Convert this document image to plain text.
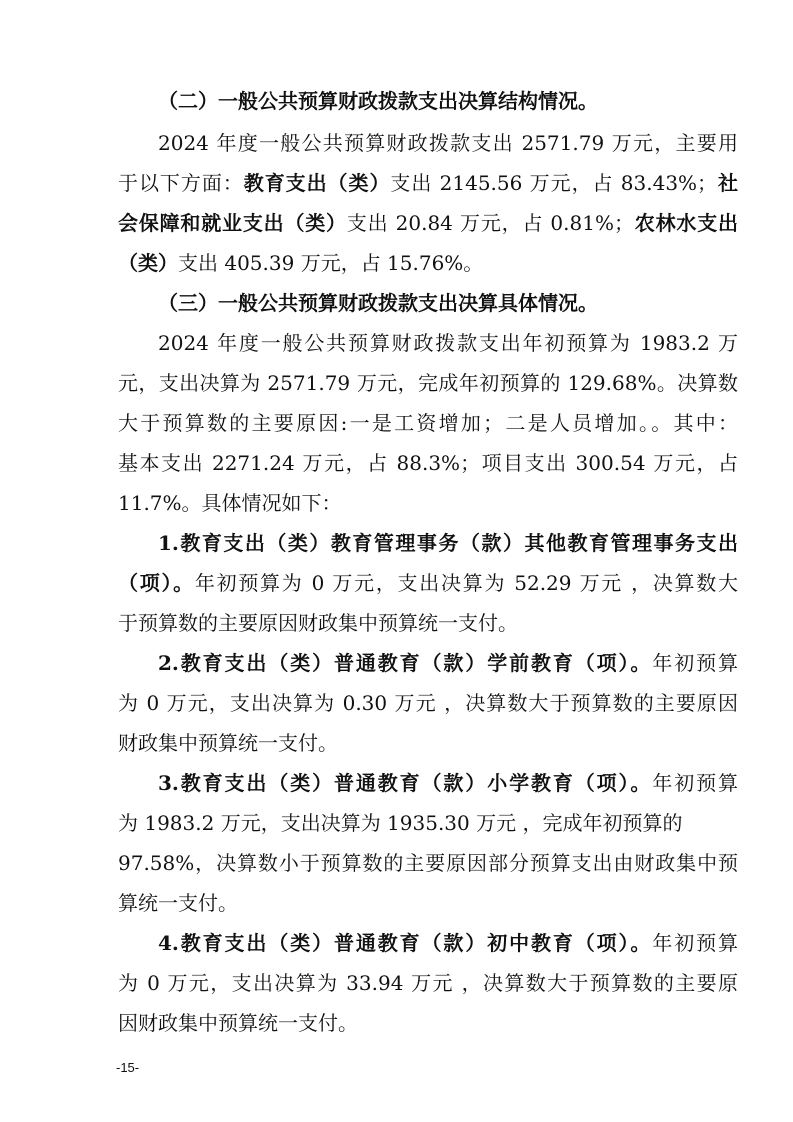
（二）一般公共预算财政拨款支出决算结构情况。
2024 年度一般公共预算财政拨款支出 2571.79 万元，主要用
于以下方面：教育支出（类）支出 2145.56 万元，占 83.43%；社
会保障和就业支出（类）支出 20.84 万元，占 0.81%；农林水支出
（类）支出 405.39 万元，占 15.76%。
（三）一般公共预算财政拨款支出决算具体情况。
2024 年度一般公共预算财政拨款支出年初预算为 1983.2 万
元，支出决算为 2571.79 万元，完成年初预算的 129.68%。决算数
大于预算数的主要原因:一是工资增加；二是人员增加。。其中：
基本支出 2271.24 万元，占 88.3%；项目支出 300.54 万元，占
11.7%。具体情况如下：
1.教育支出（类）教育管理事务（款）其他教育管理事务支出
（项）。年初预算为 0 万元，支出决算为 52.29 万元 ，决算数大
于预算数的主要原因财政集中预算统一支付。
2.教育支出（类）普通教育（款）学前教育（项）。年初预算
为 0 万元，支出决算为 0.30 万元 ，决算数大于预算数的主要原因
财政集中预算统一支付。
3.教育支出（类）普通教育（款）小学教育（项）。年初预算
为 1983.2 万元，支出决算为 1935.30 万元 ，完成年初预算的
97.58%，决算数小于预算数的主要原因部分预算支出由财政集中预
算统一支付。
4.教育支出（类）普通教育（款）初中教育（项）。年初预算
为 0 万元，支出决算为 33.94 万元 ，决算数大于预算数的主要原
因财政集中预算统一支付。
-15-
